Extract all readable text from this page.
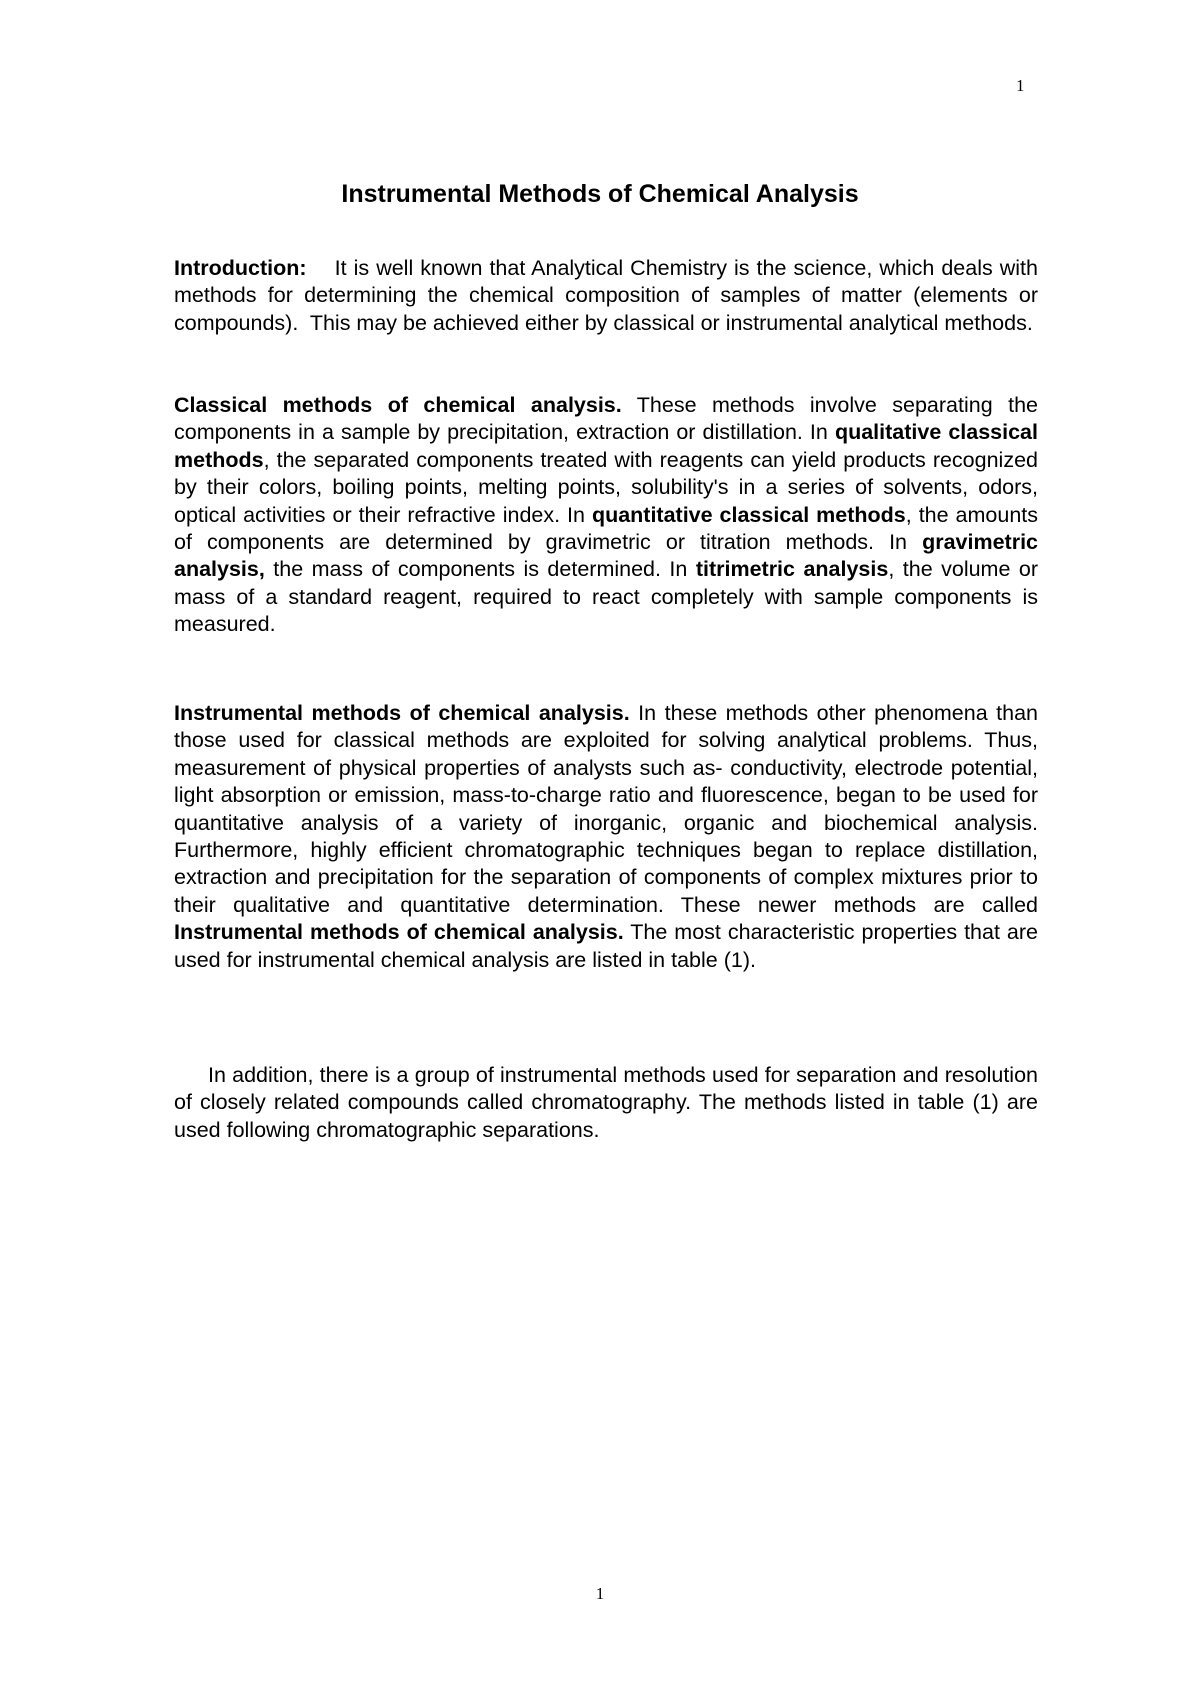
1
Instrumental Methods of Chemical Analysis

Introduction:    It is well known that Analytical Chemistry is the science, which deals with methods for determining the chemical composition of samples of matter (elements or compounds).  This may be achieved either by classical or instrumental analytical methods.

Classical methods of chemical analysis. These methods involve separating the components in a sample by precipitation, extraction or distillation. In qualitative classical methods, the separated components treated with reagents can yield products recognized by their colors, boiling points, melting points, solubility's in a series of solvents, odors, optical activities or their refractive index. In quantitative classical methods, the amounts of components are determined by gravimetric or titration methods. In gravimetric analysis, the mass of components is determined. In titrimetric analysis, the volume or mass of a standard reagent, required to react completely with sample components is measured.

Instrumental methods of chemical analysis. In these methods other phenomena than those used for classical methods are exploited for solving analytical problems. Thus, measurement of physical properties of analysts such as- conductivity, electrode potential, light absorption or emission, mass-to-charge ratio and fluorescence, began to be used for quantitative analysis of a variety of inorganic, organic and biochemical analysis. Furthermore, highly efficient chromatographic techniques began to replace distillation, extraction and precipitation for the separation of components of complex mixtures prior to their qualitative and quantitative determination. These newer methods are called Instrumental methods of chemical analysis. The most characteristic properties that are used for instrumental chemical analysis are listed in table (1).

In addition, there is a group of instrumental methods used for separation and resolution of closely related compounds called chromatography. The methods listed in table (1) are used following chromatographic separations.

1
